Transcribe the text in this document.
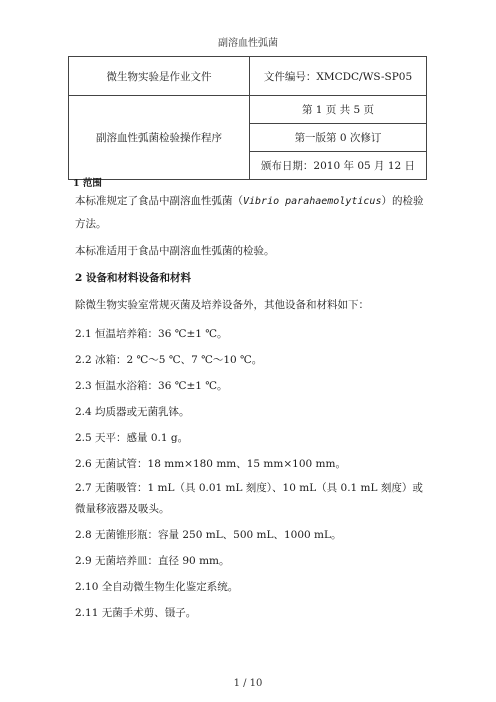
副溶血性弧菌
微生物实验是作业文件	文件编号：XMCDC/WS-SP05
副溶血性弧菌检验操作程序	第 1 页 共 5 页
	第一版第 0 次修订
	颁布日期：2010 年 05 月 12 日
1 范围
本标准规定了食品中副溶血性弧菌（Vibrio parahaemolyticus）的检验方法。
本标准适用于食品中副溶血性弧菌的检验。
2 设备和材料设备和材料
除微生物实验室常规灭菌及培养设备外，其他设备和材料如下：
2.1 恒温培养箱：36 ℃±1 ℃。
2.2 冰箱：2 ℃～5 ℃、7 ℃～10 ℃。
2.3 恒温水浴箱：36 ℃±1 ℃。
2.4 均质器或无菌乳钵。
2.5 天平：感量 0.1 g。
2.6 无菌试管：18 mm×180 mm、15 mm×100 mm。
2.7 无菌吸管：1 mL（具 0.01 mL 刻度）、10 mL（具 0.1 mL 刻度）或微量移液器及吸头。
2.8 无菌锥形瓶：容量 250 mL、500 mL、1000 mL。
2.9 无菌培养皿：直径 90 mm。
2.10 全自动微生物生化鉴定系统。
2.11 无菌手术剪、镊子。
1 / 10
